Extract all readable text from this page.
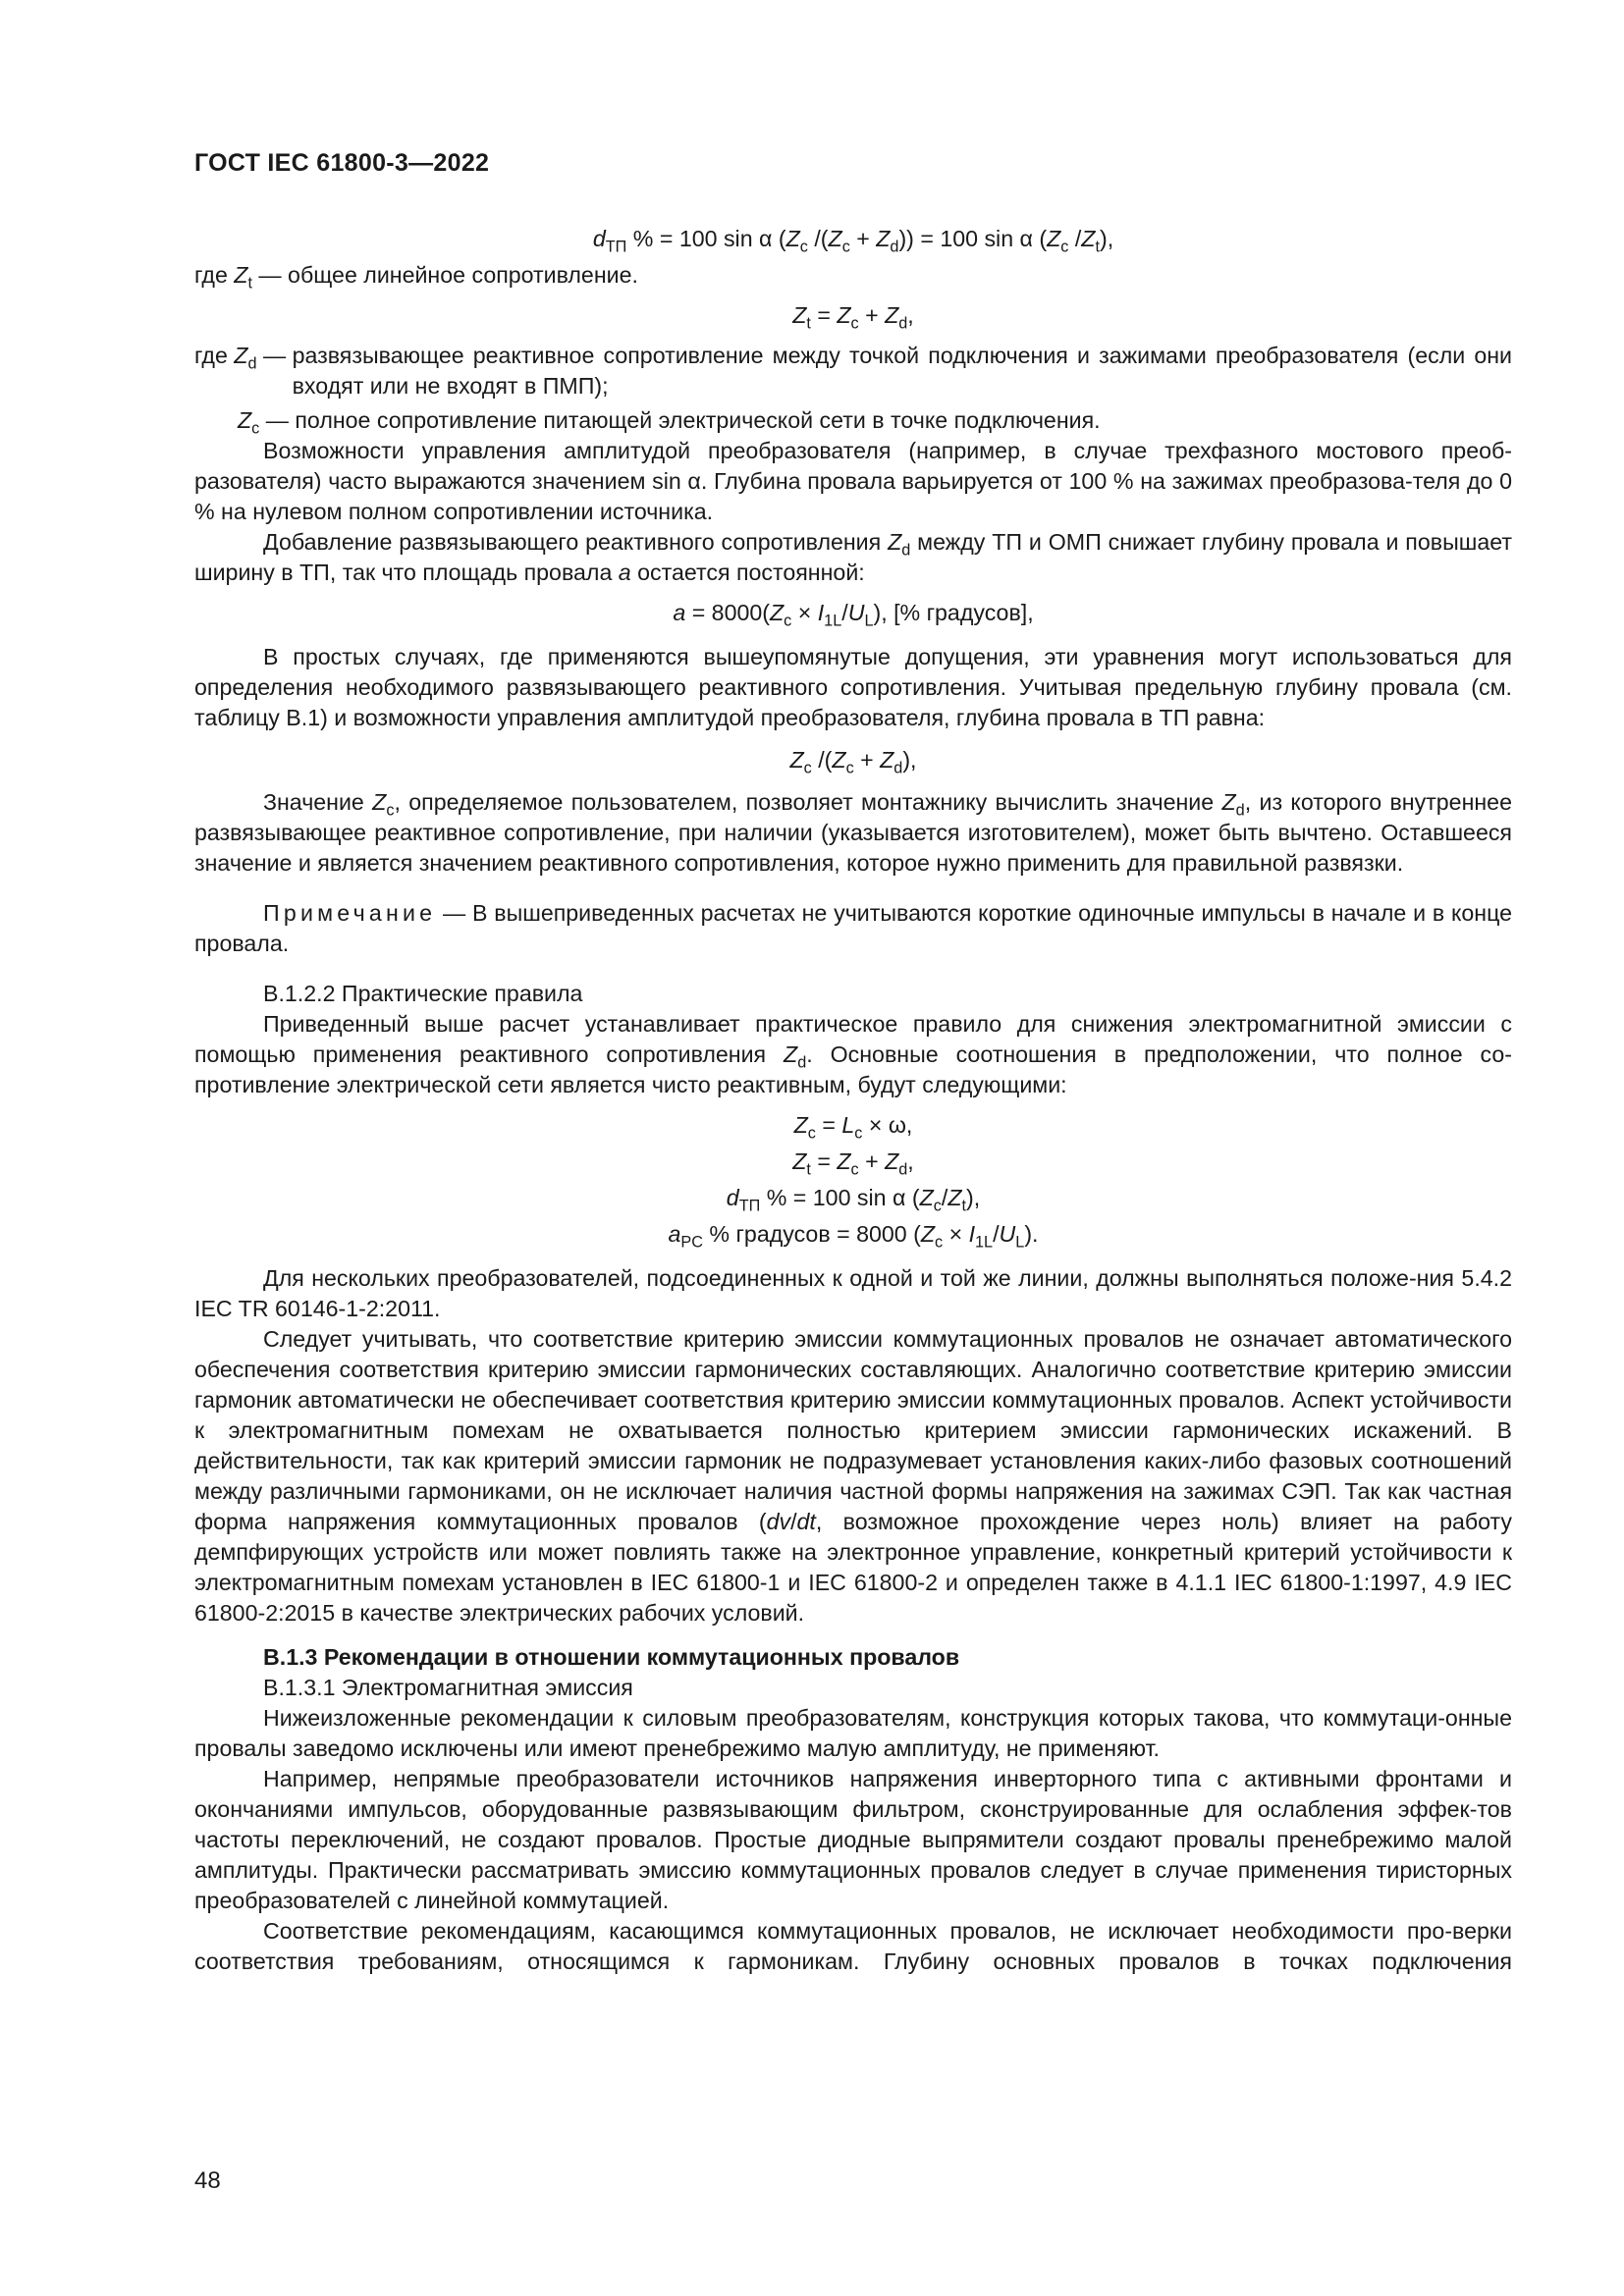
ГОСТ IEC 61800-3—2022
$d_{ТП}$ % = 100 sin α ($Z_c$ $/(Z_c + Z_d)) = 100$ sin α ($Z_c$ $/Z_t$),

где $Z_t$ — общее линейное сопротивление.

$Z_t = Z_c + Z_d$,
где $Z_d$ — развязывающее реактивное сопротивление между точкой подключения и зажимами преобразователя (если они входят или не входят в ПМП);
$Z_c$ — полное сопротивление питающей электрической сети в точке подключения.

Возможности управления амплитудой преобразователя (например, в случае трехфазного мостового преоб-разователя) часто выражаются значением sin α. Глубина провала варьируется от 100 % на зажимах преобразова-теля до 0 % на нулевом полном сопротивлении источника.

Добавление развязывающего реактивного сопротивления $Z_d$ между ТП и ОМП снижает глубину провала и повышает ширину в ТП, так что площадь провала a остается постоянной:

$a = 8000(Z_c \times I_{1L}/U_L)$, [% градусов],

В простых случаях, где применяются вышеупомянутые допущения, эти уравнения могут использоваться для определения необходимого развязывающего реактивного сопротивления. Учитывая предельную глубину провала (см. таблицу B.1) и возможности управления амплитудой преобразователя, глубина провала в ТП равна:

$Z_c$ $/(Z_c + Z_d)$,

Значение $Z_c$, определяемое пользователем, позволяет монтажнику вычислить значение $Z_d$, из которого внутреннее развязывающее реактивное сопротивление, при наличии (указывается изготовителем), может быть вычтено. Оставшееся значение и является значением реактивного сопротивления, которое нужно применить для правильной развязки.

Примечание — В вышеприведенных расчетах не учитываются короткие одиночные импульсы в начале и в конце провала.

B.1.2.2 Практические правила

Приведенный выше расчет устанавливает практическое правило для снижения электромагнитной эмиссии с помощью применения реактивного сопротивления $Z_d$. Основные соотношения в предположении, что полное сопротивление электрической сети является чисто реактивным, будут следующими:

$Z_c = L_c \times \omega$,
$Z_t = Z_c + Z_d$,
$d_{ТП}$ % = 100 sin α $(Z_c/Z_t)$,
$a_{PC}$ % градусов = 8000 $(Z_c \times I_{1L}/U_L)$.

Для нескольких преобразователей, подсоединенных к одной и той же линии, должны выполняться положе-ния 5.4.2 IEC TR 60146-1-2:2011.

Следует учитывать, что соответствие критерию эмиссии коммутационных провалов не означает автоматического обеспечения соответствия критерию эмиссии гармонических составляющих. Аналогично соответствие критерию эмиссии гармоник автоматически не обеспечивает соответствия критерию эмиссии коммутационных провалов. Аспект устойчивости к электромагнитным помехам не охватывается полностью критерием эмиссии гармонических искажений. В действительности, так как критерий эмиссии гармоник не подразумевает установления каких-либо фазовых соотношений между различными гармониками, он не исключает наличия частной формы напряжения на зажимах СЭП. Так как частная форма напряжения коммутационных провалов (dv/dt, возможное прохождение через ноль) влияет на работу демпфирующих устройств или может повлиять также на электронное управление, конкретный критерий устойчивости к электромагнитным помехам установлен в IEC 61800-1 и IEC 61800-2 и определен также в 4.1.1 IEC 61800-1:1997, 4.9 IEC 61800-2:2015 в качестве электрических рабочих условий.

B.1.3 Рекомендации в отношении коммутационных провалов

B.1.3.1 Электромагнитная эмиссия

Нижеизложенные рекомендации к силовым преобразователям, конструкция которых такова, что коммутаци-онные провалы заведомо исключены или имеют пренебрежимо малую амплитуду, не применяют.

Например, непрямые преобразователи источников напряжения инверторного типа с активными фронтами и окончаниями импульсов, оборудованные развязывающим фильтром, сконструированные для ослабления эффек-тов частоты переключений, не создают провалов. Простые диодные выпрямители создают провалы пренебрежимо малой амплитуды. Практически рассматривать эмиссию коммутационных провалов следует в случае применения тиристорных преобразователей с линейной коммутацией.

Соответствие рекомендациям, касающимся коммутационных провалов, не исключает необходимости про-верки соответствия требованиям, относящимся к гармоникам. Глубину основных провалов в точках подключения

48
